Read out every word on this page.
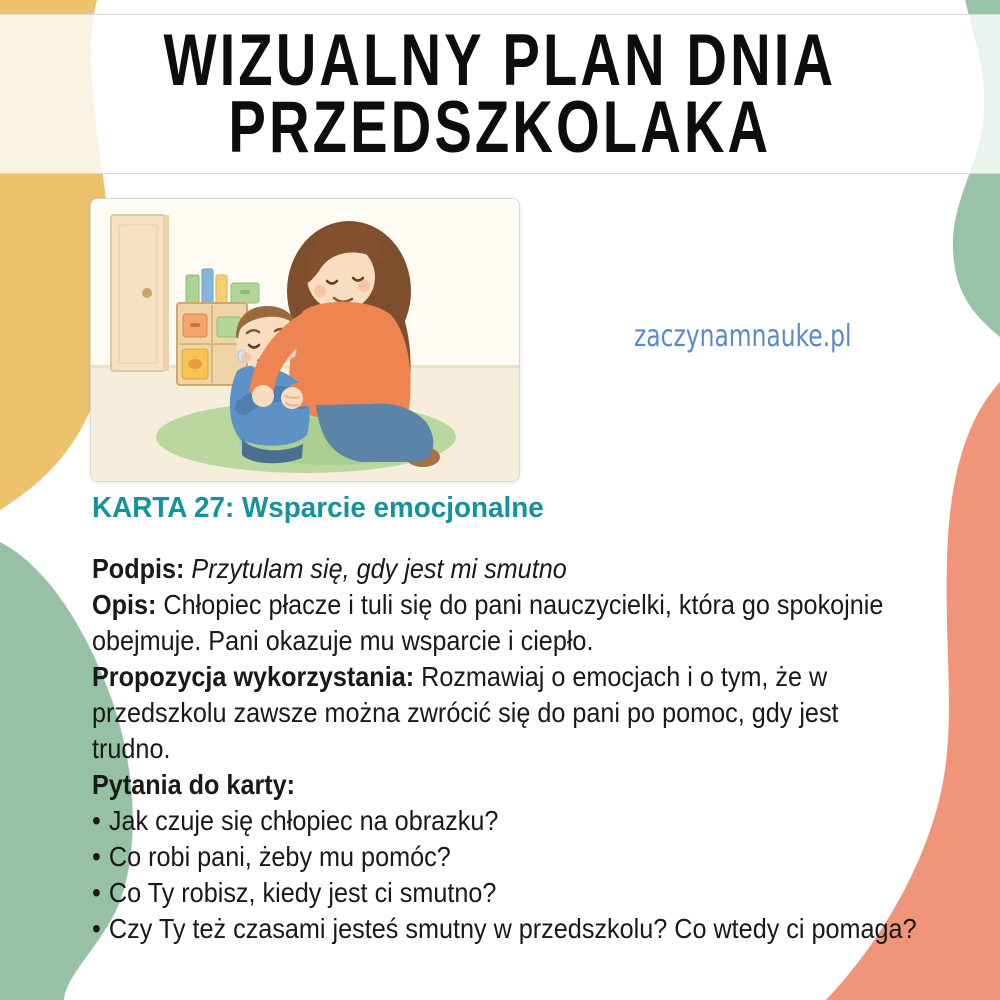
WIZUALNY PLAN DNIA
PRZEDSZKOLAKA
zaczynamnauke.pl
KARTA 27: Wsparcie emocjonalne
Podpis: Przytulam się, gdy jest mi smutno
Opis: Chłopiec płacze i tuli się do pani nauczycielki, która go spokojnie
obejmuje. Pani okazuje mu wsparcie i ciepło.
Propozycja wykorzystania: Rozmawiaj o emocjach i o tym, że w
przedszkolu zawsze można zwrócić się do pani po pomoc, gdy jest
trudno.
Pytania do karty:
• Jak czuje się chłopiec na obrazku?
• Co robi pani, żeby mu pomóc?
• Co Ty robisz, kiedy jest ci smutno?
• Czy Ty też czasami jesteś smutny w przedszkolu? Co wtedy ci pomaga?
